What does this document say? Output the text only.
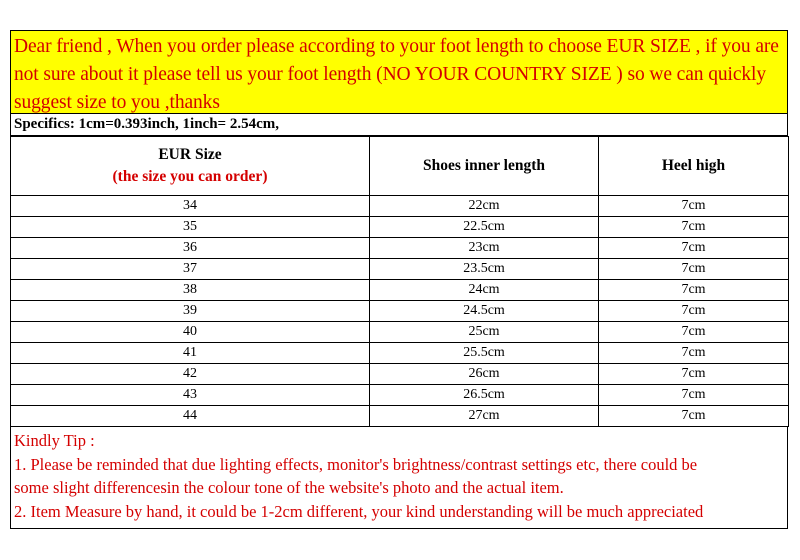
Dear friend , When you order please according to your foot length to choose EUR SIZE , if you are not sure about it please tell us your foot length (NO YOUR COUNTRY SIZE ) so we can quickly suggest size to you ,thanks
Specifics: 1cm=0.393inch, 1inch= 2.54cm,
EUR Size
(the size you can order)	Shoes inner length	Heel high
34	22cm	7cm
35	22.5cm	7cm
36	23cm	7cm
37	23.5cm	7cm
38	24cm	7cm
39	24.5cm	7cm
40	25cm	7cm
41	25.5cm	7cm
42	26cm	7cm
43	26.5cm	7cm
44	27cm	7cm
Kindly Tip :
1. Please be reminded that due lighting effects, monitor's brightness/contrast settings etc, there could be
some slight differencesin the colour tone of the website's photo and the actual item.
2. Item Measure by hand, it could be 1-2cm different, your kind understanding will be much appreciated
